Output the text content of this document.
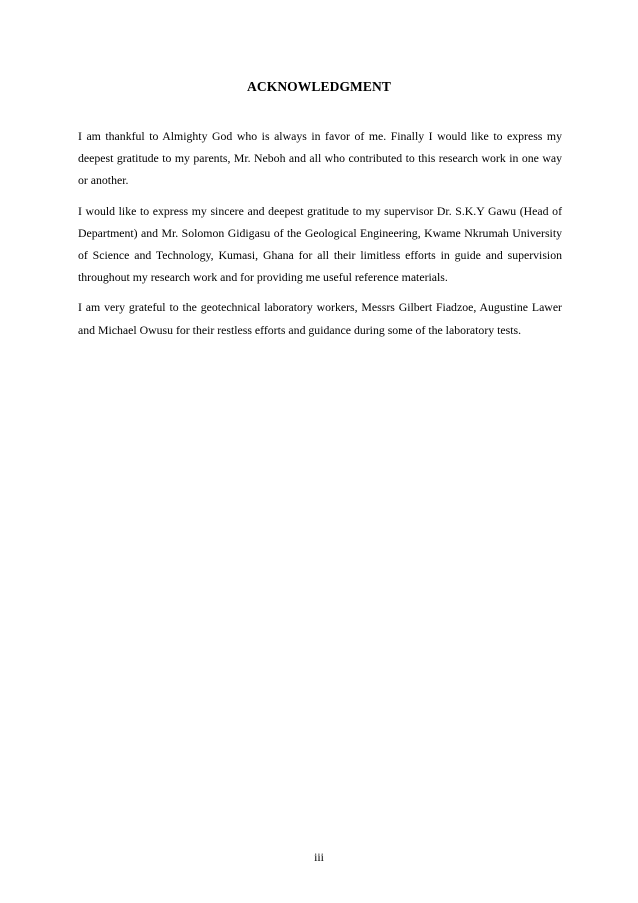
ACKNOWLEDGMENT

I am thankful to Almighty God who is always in favor of me. Finally I would like to express my deepest gratitude to my parents, Mr. Neboh and all who contributed to this research work in one way or another.

I would like to express my sincere and deepest gratitude to my supervisor Dr. S.K.Y Gawu (Head of Department) and Mr. Solomon Gidigasu of the Geological Engineering, Kwame Nkrumah University of Science and Technology, Kumasi, Ghana for all their limitless efforts in guide and supervision throughout my research work and for providing me useful reference materials.

I am very grateful to the geotechnical laboratory workers, Messrs Gilbert Fiadzoe, Augustine Lawer and Michael Owusu for their restless efforts and guidance during some of the laboratory tests.

iii
